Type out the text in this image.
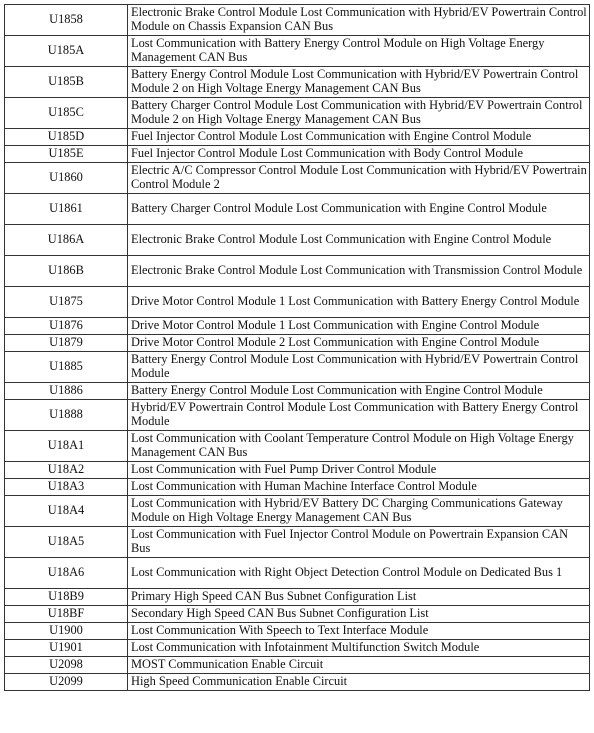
U1858	Electronic Brake Control Module Lost Communication with Hybrid/EV Powertrain Control Module on Chassis Expansion CAN Bus
U185A	Lost Communication with Battery Energy Control Module on High Voltage Energy Management CAN Bus
U185B	Battery Energy Control Module Lost Communication with Hybrid/EV Powertrain Control Module 2 on High Voltage Energy Management CAN Bus
U185C	Battery Charger Control Module Lost Communication with Hybrid/EV Powertrain Control Module 2 on High Voltage Energy Management CAN Bus
U185D	Fuel Injector Control Module Lost Communication with Engine Control Module
U185E	Fuel Injector Control Module Lost Communication with Body Control Module
U1860	Electric A/C Compressor Control Module Lost Communication with Hybrid/EV Powertrain Control Module 2
U1861	Battery Charger Control Module Lost Communication with Engine Control Module
U186A	Electronic Brake Control Module Lost Communication with Engine Control Module
U186B	Electronic Brake Control Module Lost Communication with Transmission Control Module
U1875	Drive Motor Control Module 1 Lost Communication with Battery Energy Control Module
U1876	Drive Motor Control Module 1 Lost Communication with Engine Control Module
U1879	Drive Motor Control Module 2 Lost Communication with Engine Control Module
U1885	Battery Energy Control Module Lost Communication with Hybrid/EV Powertrain Control Module
U1886	Battery Energy Control Module Lost Communication with Engine Control Module
U1888	Hybrid/EV Powertrain Control Module Lost Communication with Battery Energy Control Module
U18A1	Lost Communication with Coolant Temperature Control Module on High Voltage Energy Management CAN Bus
U18A2	Lost Communication with Fuel Pump Driver Control Module
U18A3	Lost Communication with Human Machine Interface Control Module
U18A4	Lost Communication with Hybrid/EV Battery DC Charging Communications Gateway Module on High Voltage Energy Management CAN Bus
U18A5	Lost Communication with Fuel Injector Control Module on Powertrain Expansion CAN Bus
U18A6	Lost Communication with Right Object Detection Control Module on Dedicated Bus 1
U18B9	Primary High Speed CAN Bus Subnet Configuration List
U18BF	Secondary High Speed CAN Bus Subnet Configuration List
U1900	Lost Communication With Speech to Text Interface Module
U1901	Lost Communication with Infotainment Multifunction Switch Module
U2098	MOST Communication Enable Circuit
U2099	High Speed Communication Enable Circuit
